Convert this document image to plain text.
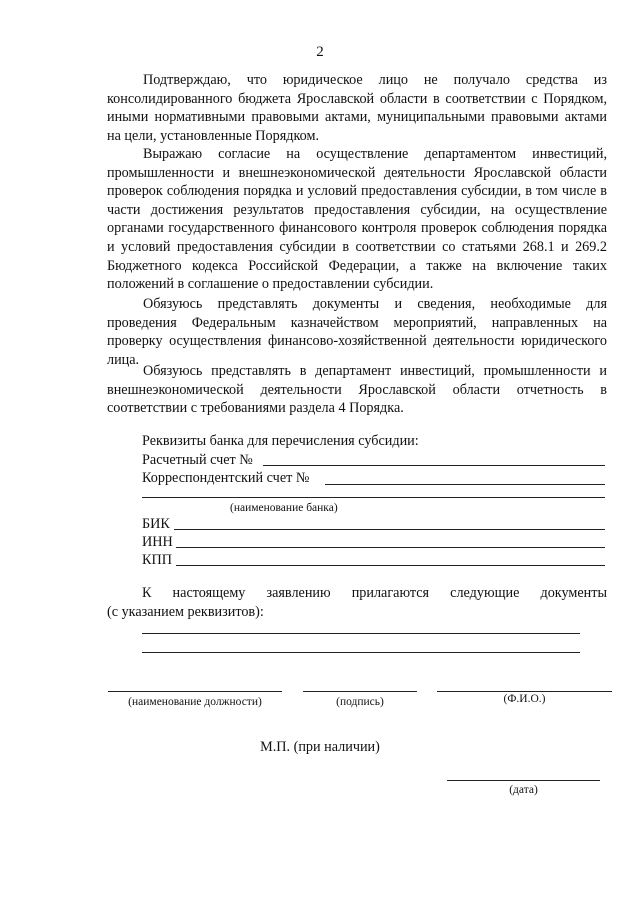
2

Подтверждаю, что юридическое лицо не получало средства из консолидированного бюджета Ярославской области в соответствии с Порядком, иными нормативными правовыми актами, муниципальными правовыми актами на цели, установленные Порядком.

Выражаю согласие на осуществление департаментом инвестиций, промышленности и внешнеэкономической деятельности Ярославской области проверок соблюдения порядка и условий предоставления субсидии, в том числе в части достижения результатов предоставления субсидии, на осуществление органами государственного финансового контроля проверок соблюдения порядка и условий предоставления субсидии в соответствии со статьями 268.1 и 269.2 Бюджетного кодекса Российской Федерации, а также на включение таких положений в соглашение о предоставлении субсидии.

Обязуюсь представлять документы и сведения, необходимые для проведения Федеральным казначейством мероприятий, направленных на проверку осуществления финансово-хозяйственной деятельности юридического лица.

Обязуюсь представлять в департамент инвестиций, промышленности и внешнеэкономической деятельности Ярославской области отчетность в соответствии с требованиями раздела 4 Порядка.

Реквизиты банка для перечисления субсидии:
Расчетный счет №
Корреспондентский счет №
(наименование банка)
БИК
ИНН
КПП
К настоящему заявлению прилагаются следующие документы
(с указанием реквизитов):
(наименование должности)	(подпись)	(Ф.И.О.)
М.П. (при наличии)
(дата)
